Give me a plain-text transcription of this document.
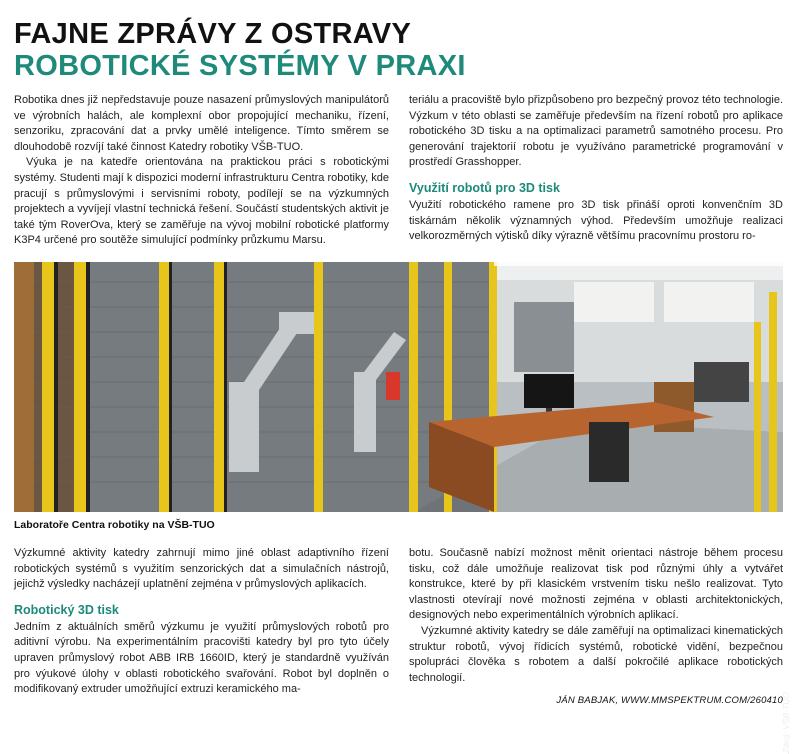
FAJNE ZPRÁVY Z OSTRAVY
ROBOTICKÉ SYSTÉMY V PRAXI

Robotika dnes již nepředstavuje pouze nasazení průmyslových manipulátorů ve výrobních halách, ale komplexní obor propojující mechaniku, řízení, senzoriku, zpracování dat a prvky umělé inteligence. Tímto směrem se dlouhodobě rozvíjí také činnost Katedry robotiky VŠB-TUO.

Výuka je na katedře orientována na praktickou práci s robotickými systémy. Studenti mají k dispozici moderní infrastrukturu Centra robotiky, kde pracují s průmyslovými i servisními roboty, podílejí se na výzkumných projektech a vyvíjejí vlastní technická řešení. Součástí studentských aktivit je také tým RoverOva, který se zaměřuje na vývoj mobilní robotické platformy K3P4 určené pro soutěže simulující podmínky průzkumu Marsu.

teriálu a pracoviště bylo přizpůsobeno pro bezpečný provoz této technologie. Výzkum v této oblasti se zaměřuje především na řízení robotů pro aplikace robotického 3D tisku a na optimalizaci parametrů samotného procesu. Pro generování trajektorií robotu je využíváno parametrické programování v prostředí Grasshopper.

Využití robotů pro 3D tisk

Využití robotického ramene pro 3D tisk přináší oproti konvenčním 3D tiskárnám několik významných výhod. Především umožňuje realizaci velkorozměrných výtisků díky výrazně většímu pracovnímu prostoru ro-

Zdroj: VŠB-TUO
Laboratoře Centra robotiky na VŠB-TUO

Výzkumné aktivity katedry zahrnují mimo jiné oblast adaptivního řízení robotických systémů s využitím senzorických dat a simulačních nástrojů, jejichž výsledky nacházejí uplatnění zejména v průmyslových aplikacích.

Robotický 3D tisk

Jedním z aktuálních směrů výzkumu je využití průmyslových robotů pro aditivní výrobu. Na experimentálním pracovišti katedry byl pro tyto účely upraven průmyslový robot ABB IRB 1660ID, který je standardně využíván pro výukové úlohy v oblasti robotického svařování. Robot byl doplněn o modifikovaný extruder umožňující extruzi keramického ma-

botu. Současně nabízí možnost měnit orientaci nástroje během procesu tisku, což dále umožňuje realizovat tisk pod různými úhly a vytvářet konstrukce, které by při klasickém vrstvením tisku nešlo realizovat. Tyto vlastnosti otevírají nové možnosti zejména v oblasti architektonických, designových nebo experimentálních výrobních aplikací.

Výzkumné aktivity katedry se dále zaměřují na optimalizaci kinematických struktur robotů, vývoj řídicích systémů, robotické vidění, bezpečnou spolupráci člověka s robotem a další pokročilé aplikace robotických technologií.

JÁN BABJAK, WWW.MMSPEKTRUM.COM/260410
